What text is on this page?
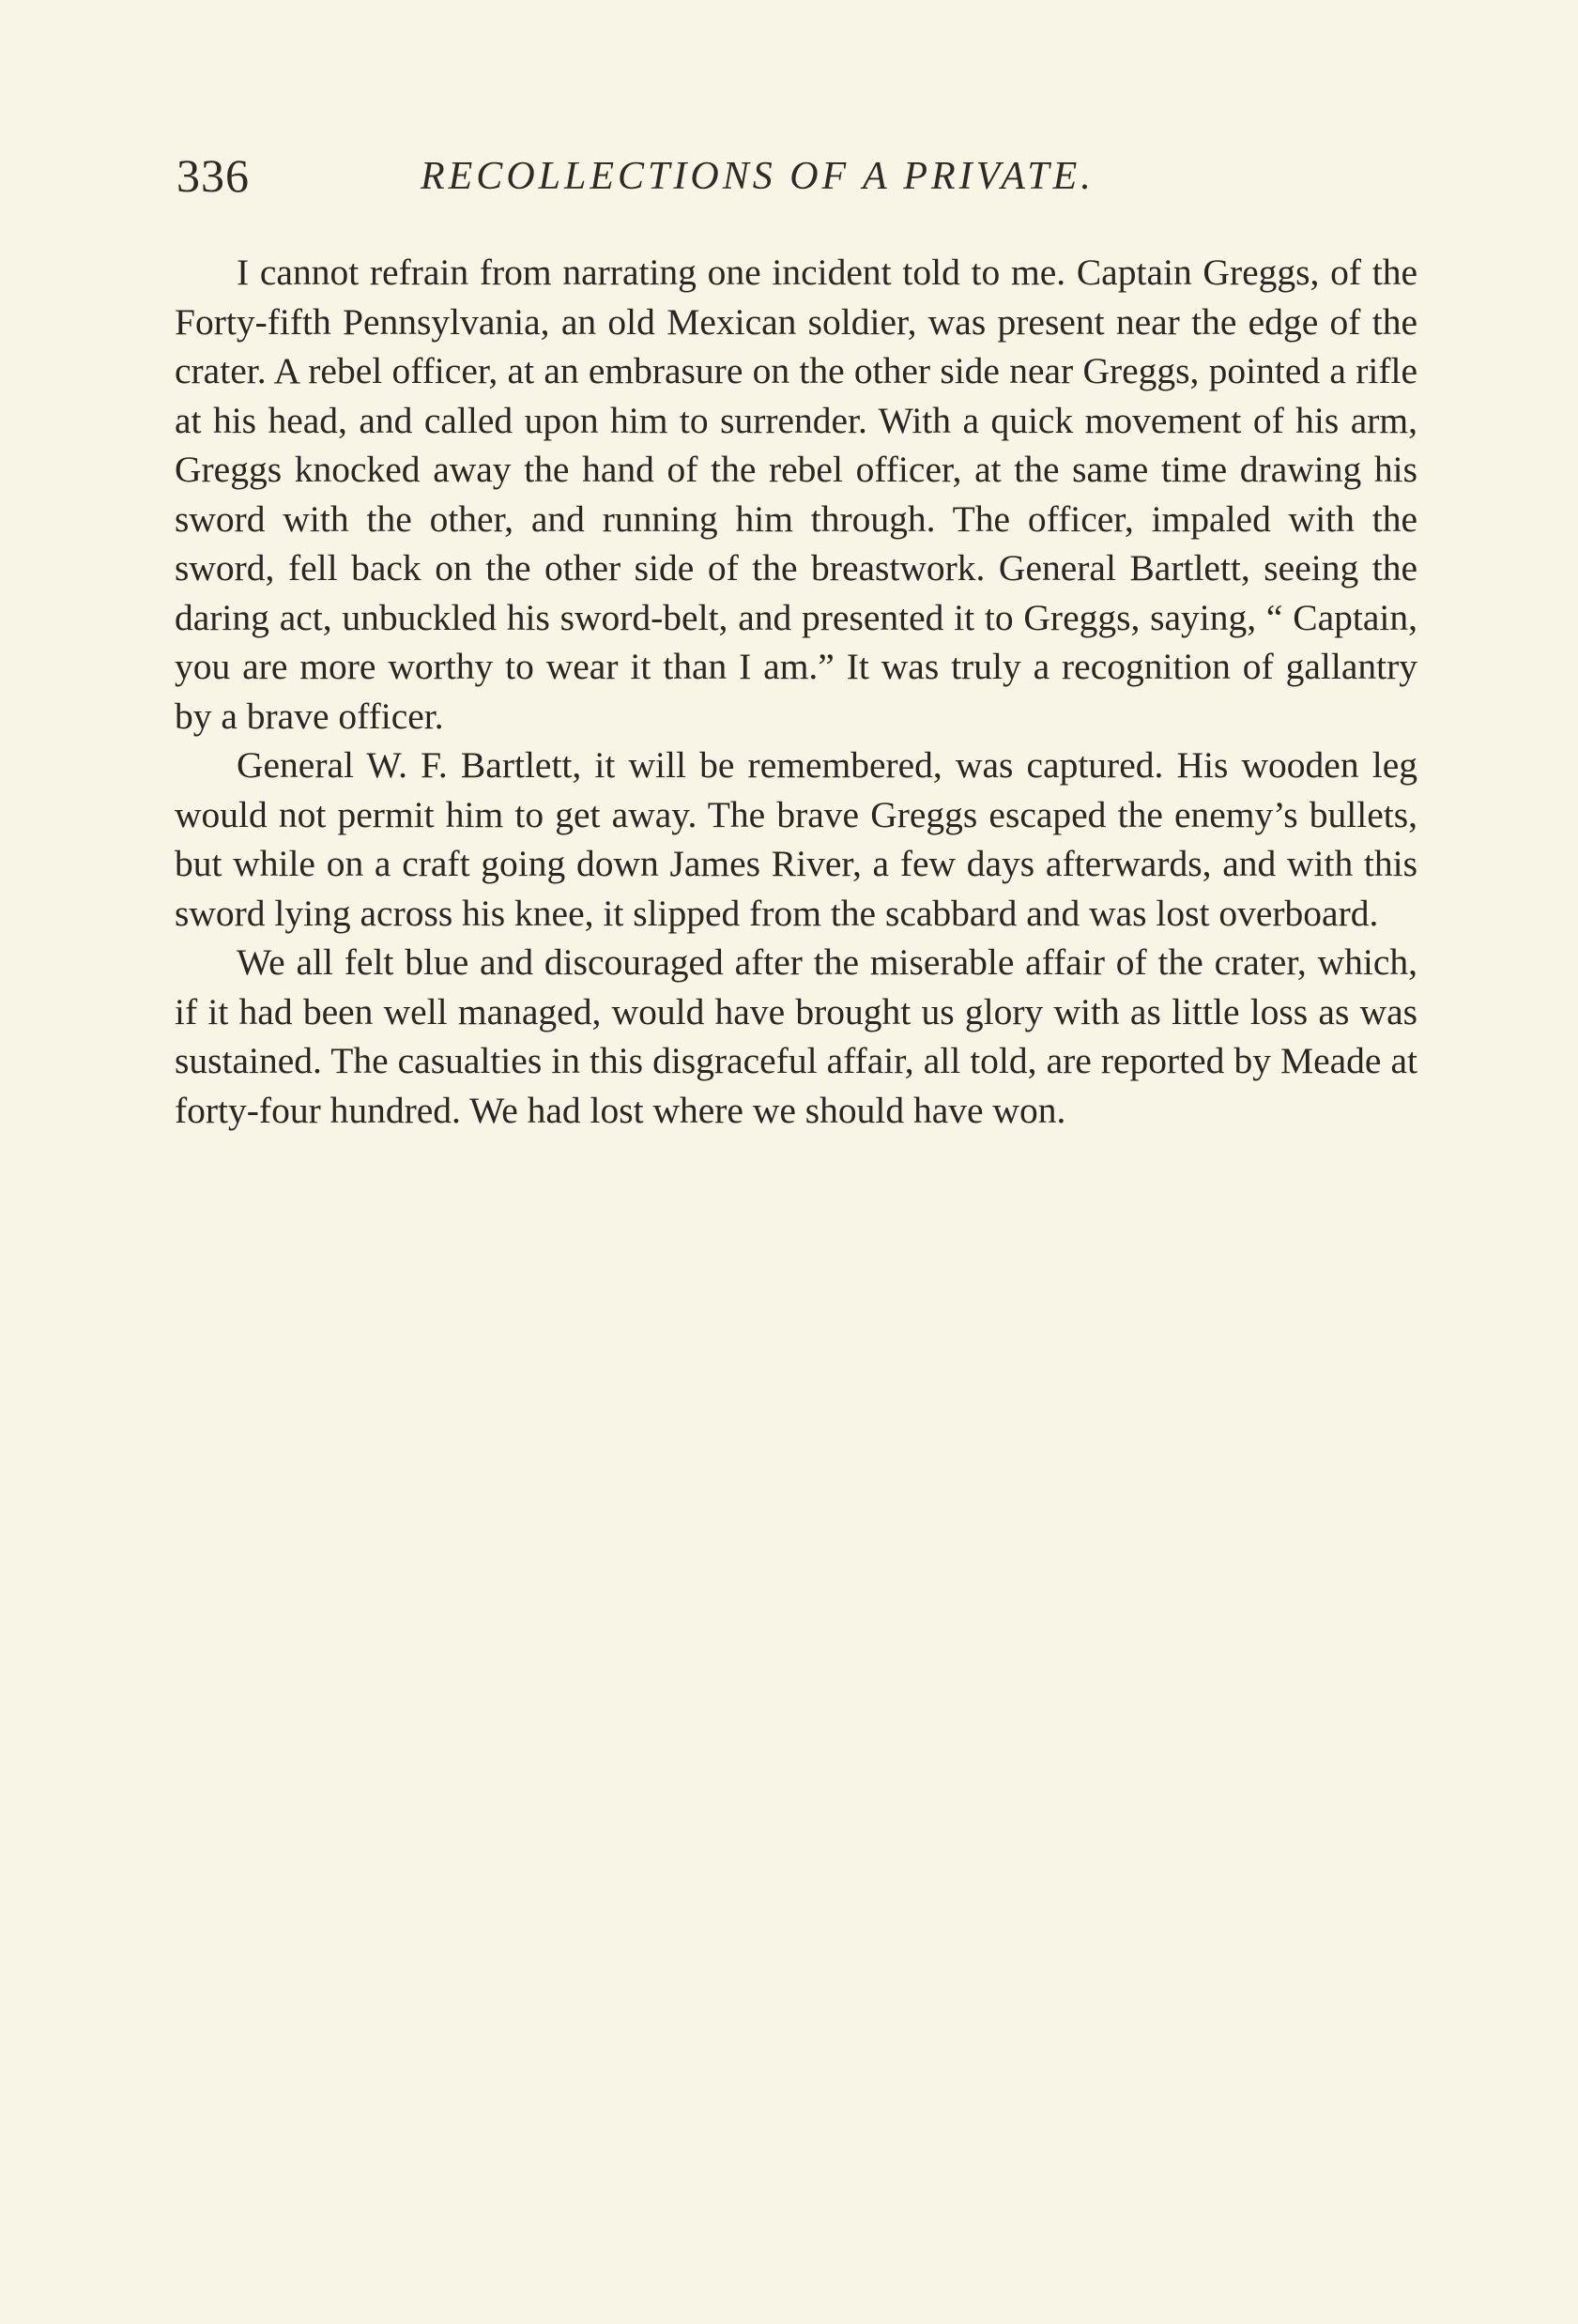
336	RECOLLECTIONS OF A PRIVATE.

I cannot refrain from narrating one incident told to me. Captain Greggs, of the Forty-fifth Pennsylvania, an old Mexican soldier, was present near the edge of the crater. A rebel officer, at an embrasure on the other side near Greggs, pointed a rifle at his head, and called upon him to surrender. With a quick movement of his arm, Greggs knocked away the hand of the rebel officer, at the same time drawing his sword with the other, and running him through. The officer, impaled with the sword, fell back on the other side of the breastwork. General Bartlett, seeing the daring act, unbuckled his sword-belt, and presented it to Greggs, saying, “ Captain, you are more worthy to wear it than I am.” It was truly a recognition of gallantry by a brave officer.

General W. F. Bartlett, it will be remembered, was captured. His wooden leg would not permit him to get away. The brave Greggs escaped the enemy’s bullets, but while on a craft going down James River, a few days afterwards, and with this sword lying across his knee, it slipped from the scabbard and was lost overboard.

We all felt blue and discouraged after the miserable affair of the crater, which, if it had been well managed, would have brought us glory with as little loss as was sustained. The casualties in this disgraceful affair, all told, are reported by Meade at forty-four hundred. We had lost where we should have won.
